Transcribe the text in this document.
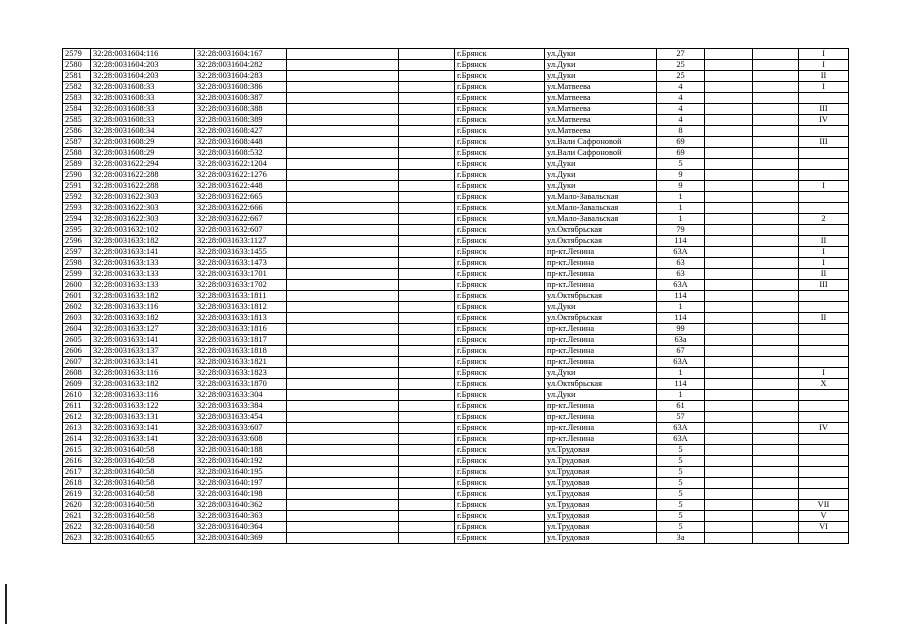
2579	32:28:0031604:116	32:28:0031604:167			г.Брянск	ул.Дуки	27			I
2580	32:28:0031604:203	32:28:0031604:282			г.Брянск	ул.Дуки	25			I
2581	32:28:0031604:203	32:28:0031604:283			г.Брянск	ул.Дуки	25			II
2582	32:28:0031608:33	32:28:0031608:386			г.Брянск	ул.Матвеева	4			I
2583	32:28:0031608:33	32:28:0031608:387			г.Брянск	ул.Матвеева	4			
2584	32:28:0031608:33	32:28:0031608:388			г.Брянск	ул.Матвеева	4			III
2585	32:28:0031608:33	32:28:0031608:389			г.Брянск	ул.Матвеева	4			IV
2586	32:28:0031608:34	32:28:0031608:427			г.Брянск	ул.Матвеева	8			
2587	32:28:0031608:29	32:28:0031608:448			г.Брянск	ул.Вали Сафроновой	69			III
2588	32:28:0031608:29	32:28:0031608:532			г.Брянск	ул.Вали Сафроновой	69			
2589	32:28:0031622:294	32:28:0031622:1204			г.Брянск	ул.Дуки	5			
2590	32:28:0031622:288	32:28:0031622:1276			г.Брянск	ул.Дуки	9			
2591	32:28:0031622:288	32:28:0031622:448			г.Брянск	ул.Дуки	9			I
2592	32:28:0031622:303	32:28:0031622:665			г.Брянск	ул.Мало-Завальская	1			
2593	32:28:0031622:303	32:28:0031622:666			г.Брянск	ул.Мало-Завальская	1			
2594	32:28:0031622:303	32:28:0031622:667			г.Брянск	ул.Мало-Завальская	1			2
2595	32:28:0031632:102	32:28:0031632:607			г.Брянск	ул.Октябрьская	79			
2596	32:28:0031633:182	32:28:0031633:1127			г.Брянск	ул.Октябрьская	114			II
2597	32:28:0031633:141	32:28:0031633:1455			г.Брянск	пр-кт.Ленина	63А			I
2598	32:28:0031633:133	32:28:0031633:1473			г.Брянск	пр-кт.Ленина	63			I
2599	32:28:0031633:133	32:28:0031633:1701			г.Брянск	пр-кт.Ленина	63			II
2600	32:28:0031633:133	32:28:0031633:1702			г.Брянск	пр-кт.Ленина	63А			III
2601	32:28:0031633:182	32:28:0031633:1811			г.Брянск	ул.Октябрьская	114			
2602	32:28:0031633:116	32:28:0031633:1812			г.Брянск	ул.Дуки	1			
2603	32:28:0031633:182	32:28:0031633:1813			г.Брянск	ул.Октябрьская	114			II
2604	32:28:0031633:127	32:28:0031633:1816			г.Брянск	пр-кт.Ленина	99			
2605	32:28:0031633:141	32:28:0031633:1817			г.Брянск	пр-кт.Ленина	63а			
2606	32:28:0031633:137	32:28:0031633:1818			г.Брянск	пр-кт.Ленина	67			
2607	32:28:0031633:141	32:28:0031633:1821			г.Брянск	пр-кт.Ленина	63А			
2608	32:28:0031633:116	32:28:0031633:1823			г.Брянск	ул.Дуки	1			I
2609	32:28:0031633:182	32:28:0031633:1870			г.Брянск	ул.Октябрьская	114			X
2610	32:28:0031633:116	32:28:0031633:304			г.Брянск	ул.Дуки	1			
2611	32:28:0031633:122	32:28:0031633:384			г.Брянск	пр-кт.Ленина	61			
2612	32:28:0031633:131	32:28:0031633:454			г.Брянск	пр-кт.Ленина	57			
2613	32:28:0031633:141	32:28:0031633:607			г.Брянск	пр-кт.Ленина	63А			IV
2614	32:28:0031633:141	32:28:0031633:608			г.Брянск	пр-кт.Ленина	63А			
2615	32:28:0031640:58	32:28:0031640:188			г.Брянск	ул.Трудовая	5			
2616	32:28:0031640:58	32:28:0031640:192			г.Брянск	ул.Трудовая	5			
2617	32:28:0031640:58	32:28:0031640:195			г.Брянск	ул.Трудовая	5			
2618	32:28:0031640:58	32:28:0031640:197			г.Брянск	ул.Трудовая	5			
2619	32:28:0031640:58	32:28:0031640:198			г.Брянск	ул.Трудовая	5			
2620	32:28:0031640:58	32:28:0031640:362			г.Брянск	ул.Трудовая	5			VII
2621	32:28:0031640:58	32:28:0031640:363			г.Брянск	ул.Трудовая	5			V
2622	32:28:0031640:58	32:28:0031640:364			г.Брянск	ул.Трудовая	5			VI
2623	32:28:0031640:65	32:28:0031640:369			г.Брянск	ул.Трудовая	3а			
